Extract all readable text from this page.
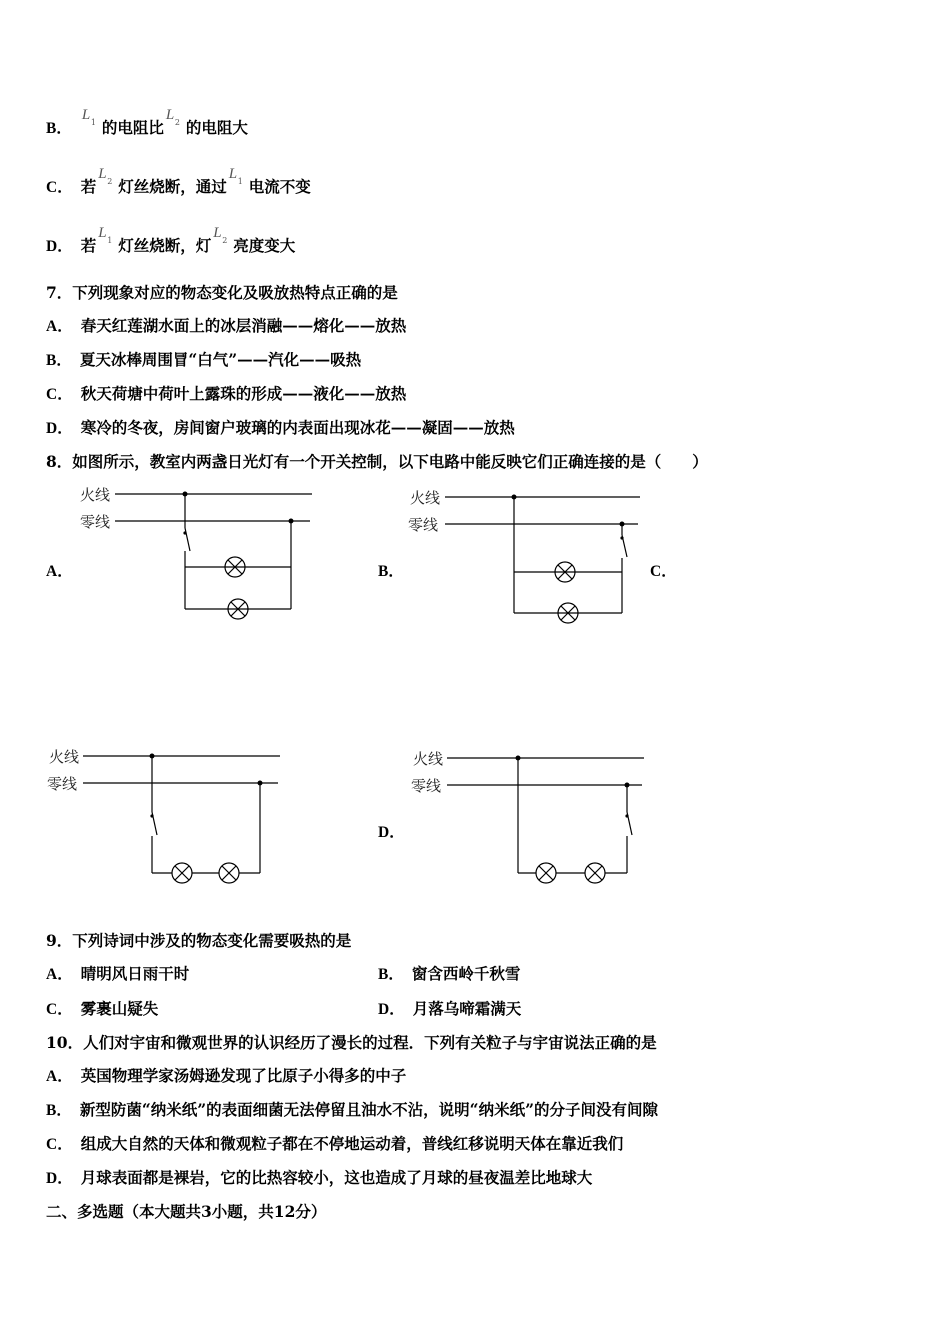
B．
L 1 的电阻比
L 2 的电阻大
C． 若
L 2 灯丝烧断，通过
L 1 电流不变
D． 若
L 1 灯丝烧断，灯
L 2 亮度变大
7．下列现象对应的物态变化及吸放热特点正确的是
A． 春天红莲湖水面上的冰层消融——熔化——放热
B． 夏天冰棒周围冒“白气”——汽化——吸热
C． 秋天荷塘中荷叶上露珠的形成——液化——放热
D． 寒冷的冬夜，房间窗户玻璃的内表面出现冰花——凝固——放热
8．如图所示，教室内两盏日光灯有一个开关控制，以下电路中能反映它们正确连接的是（　　）
A．	B．	C．
D．
火线
零线
火线
零线
火线
零线
火线
零线
9．下列诗词中涉及的物态变化需要吸热的是
A． 晴明风日雨干时	B． 窗含西岭千秋雪
C． 雾裹山疑失	D． 月落乌啼霜满天
10．人们对宇宙和微观世界的认识经历了漫长的过程．下列有关粒子与宇宙说法正确的是
A． 英国物理学家汤姆逊发现了比原子小得多的中子
B． 新型防菌“纳米纸”的表面细菌无法停留且油水不沾，说明“纳米纸”的分子间没有间隙
C． 组成大自然的天体和微观粒子都在不停地运动着，普线红移说明天体在靠近我们
D． 月球表面都是裸岩，它的比热容较小，这也造成了月球的昼夜温差比地球大
二、多选题（本大题共3小题，共12分）
